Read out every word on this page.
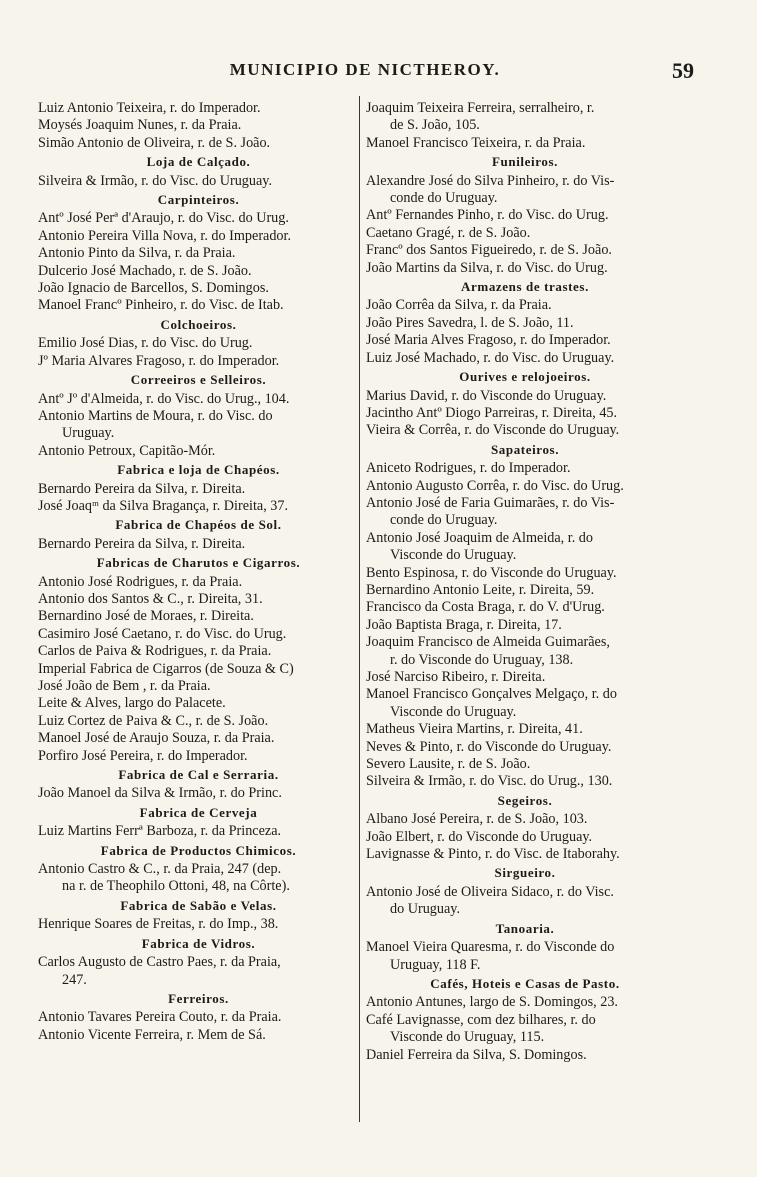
MUNICIPIO DE NICTHEROY.	59
Luiz Antonio Teixeira, r. do Imperador.
Moysés Joaquim Nunes, r. da Praia.
Simão Antonio de Oliveira, r. de S. João.
Loja de Calçado.
Silveira & Irmão, r. do Visc. do Uruguay.
Carpinteiros.
Antº José Perª d'Araujo, r. do Visc. do Urug.
Antonio Pereira Villa Nova, r. do Imperador.
Antonio Pinto da Silva, r. da Praia.
Dulcerio José Machado, r. de S. João.
João Ignacio de Barcellos, S. Domingos.
Manoel Francº Pinheiro, r. do Visc. de Itab.
Colchoeiros.
Emilio José Dias, r. do Visc. do Urug.
Jº Maria Alvares Fragoso, r. do Imperador.
Correeiros e Selleiros.
Antº Jº d'Almeida, r. do Visc. do Urug., 104.
Antonio Martins de Moura, r. do Visc. do
Uruguay.
Antonio Petroux, Capitão-Mór.
Fabrica e loja de Chapéos.
Bernardo Pereira da Silva, r. Direita.
José Joaqᵐ da Silva Bragança, r. Direita, 37.
Fabrica de Chapéos de Sol.
Bernardo Pereira da Silva, r. Direita.
Fabricas de Charutos e Cigarros.
Antonio José Rodrigues, r. da Praia.
Antonio dos Santos & C., r. Direita, 31.
Bernardino José de Moraes, r. Direita.
Casimiro José Caetano, r. do Visc. do Urug.
Carlos de Paiva & Rodrigues, r. da Praia.
Imperial Fabrica de Cigarros (de Souza & C)
José João de Bem , r. da Praia.
Leite & Alves, largo do Palacete.
Luiz Cortez de Paiva & C., r. de S. João.
Manoel José de Araujo Souza, r. da Praia.
Porfiro José Pereira, r. do Imperador.
Fabrica de Cal e Serraria.
João Manoel da Silva & Irmão, r. do Princ.
Fabrica de Cerveja
Luiz Martins Ferrª Barboza, r. da Princeza.
Fabrica de Productos Chimicos.
Antonio Castro & C., r. da Praia, 247 (dep.
na r. de Theophilo Ottoni, 48, na Côrte).
Fabrica de Sabão e Velas.
Henrique Soares de Freitas, r. do Imp., 38.
Fabrica de Vidros.
Carlos Augusto de Castro Paes, r. da Praia,
247.
Ferreiros.
Antonio Tavares Pereira Couto, r. da Praia.
Antonio Vicente Ferreira, r. Mem de Sá.
Joaquim Teixeira Ferreira, serralheiro, r.
de S. João, 105.
Manoel Francisco Teixeira, r. da Praia.
Funileiros.
Alexandre José do Silva Pinheiro, r. do Vis-
conde do Uruguay.
Antº Fernandes Pinho, r. do Visc. do Urug.
Caetano Gragé, r. de S. João.
Francº dos Santos Figueiredo, r. de S. João.
João Martins da Silva, r. do Visc. do Urug.
Armazens de trastes.
João Corrêa da Silva, r. da Praia.
João Pires Savedra, l. de S. João, 11.
José Maria Alves Fragoso, r. do Imperador.
Luiz José Machado, r. do Visc. do Uruguay.
Ourives e relojoeiros.
Marius David, r. do Visconde do Uruguay.
Jacintho Antº Diogo Parreiras, r. Direita, 45.
Vieira & Corrêa, r. do Visconde do Uruguay.
Sapateiros.
Aniceto Rodrigues, r. do Imperador.
Antonio Augusto Corrêa, r. do Visc. do Urug.
Antonio José de Faria Guimarães, r. do Vis-
conde do Uruguay.
Antonio José Joaquim de Almeida, r. do
Visconde do Uruguay.
Bento Espinosa, r. do Visconde do Uruguay.
Bernardino Antonio Leite, r. Direita, 59.
Francisco da Costa Braga, r. do V. d'Urug.
João Baptista Braga, r. Direita, 17.
Joaquim Francisco de Almeida Guimarães,
r. do Visconde do Uruguay, 138.
José Narciso Ribeiro, r. Direita.
Manoel Francisco Gonçalves Melgaço, r. do
Visconde do Uruguay.
Matheus Vieira Martins, r. Direita, 41.
Neves & Pinto, r. do Visconde do Uruguay.
Severo Lausite, r. de S. João.
Silveira & Irmão, r. do Visc. do Urug., 130.
Segeiros.
Albano José Pereira, r. de S. João, 103.
João Elbert, r. do Visconde do Uruguay.
Lavignasse & Pinto, r. do Visc. de Itaborahy.
Sirgueiro.
Antonio José de Oliveira Sidaco, r. do Visc.
do Uruguay.
Tanoaria.
Manoel Vieira Quaresma, r. do Visconde do
Uruguay, 118 F.
Cafés, Hoteis e Casas de Pasto.
Antonio Antunes, largo de S. Domingos, 23.
Café Lavignasse, com dez bilhares, r. do
Visconde do Uruguay, 115.
Daniel Ferreira da Silva, S. Domingos.
